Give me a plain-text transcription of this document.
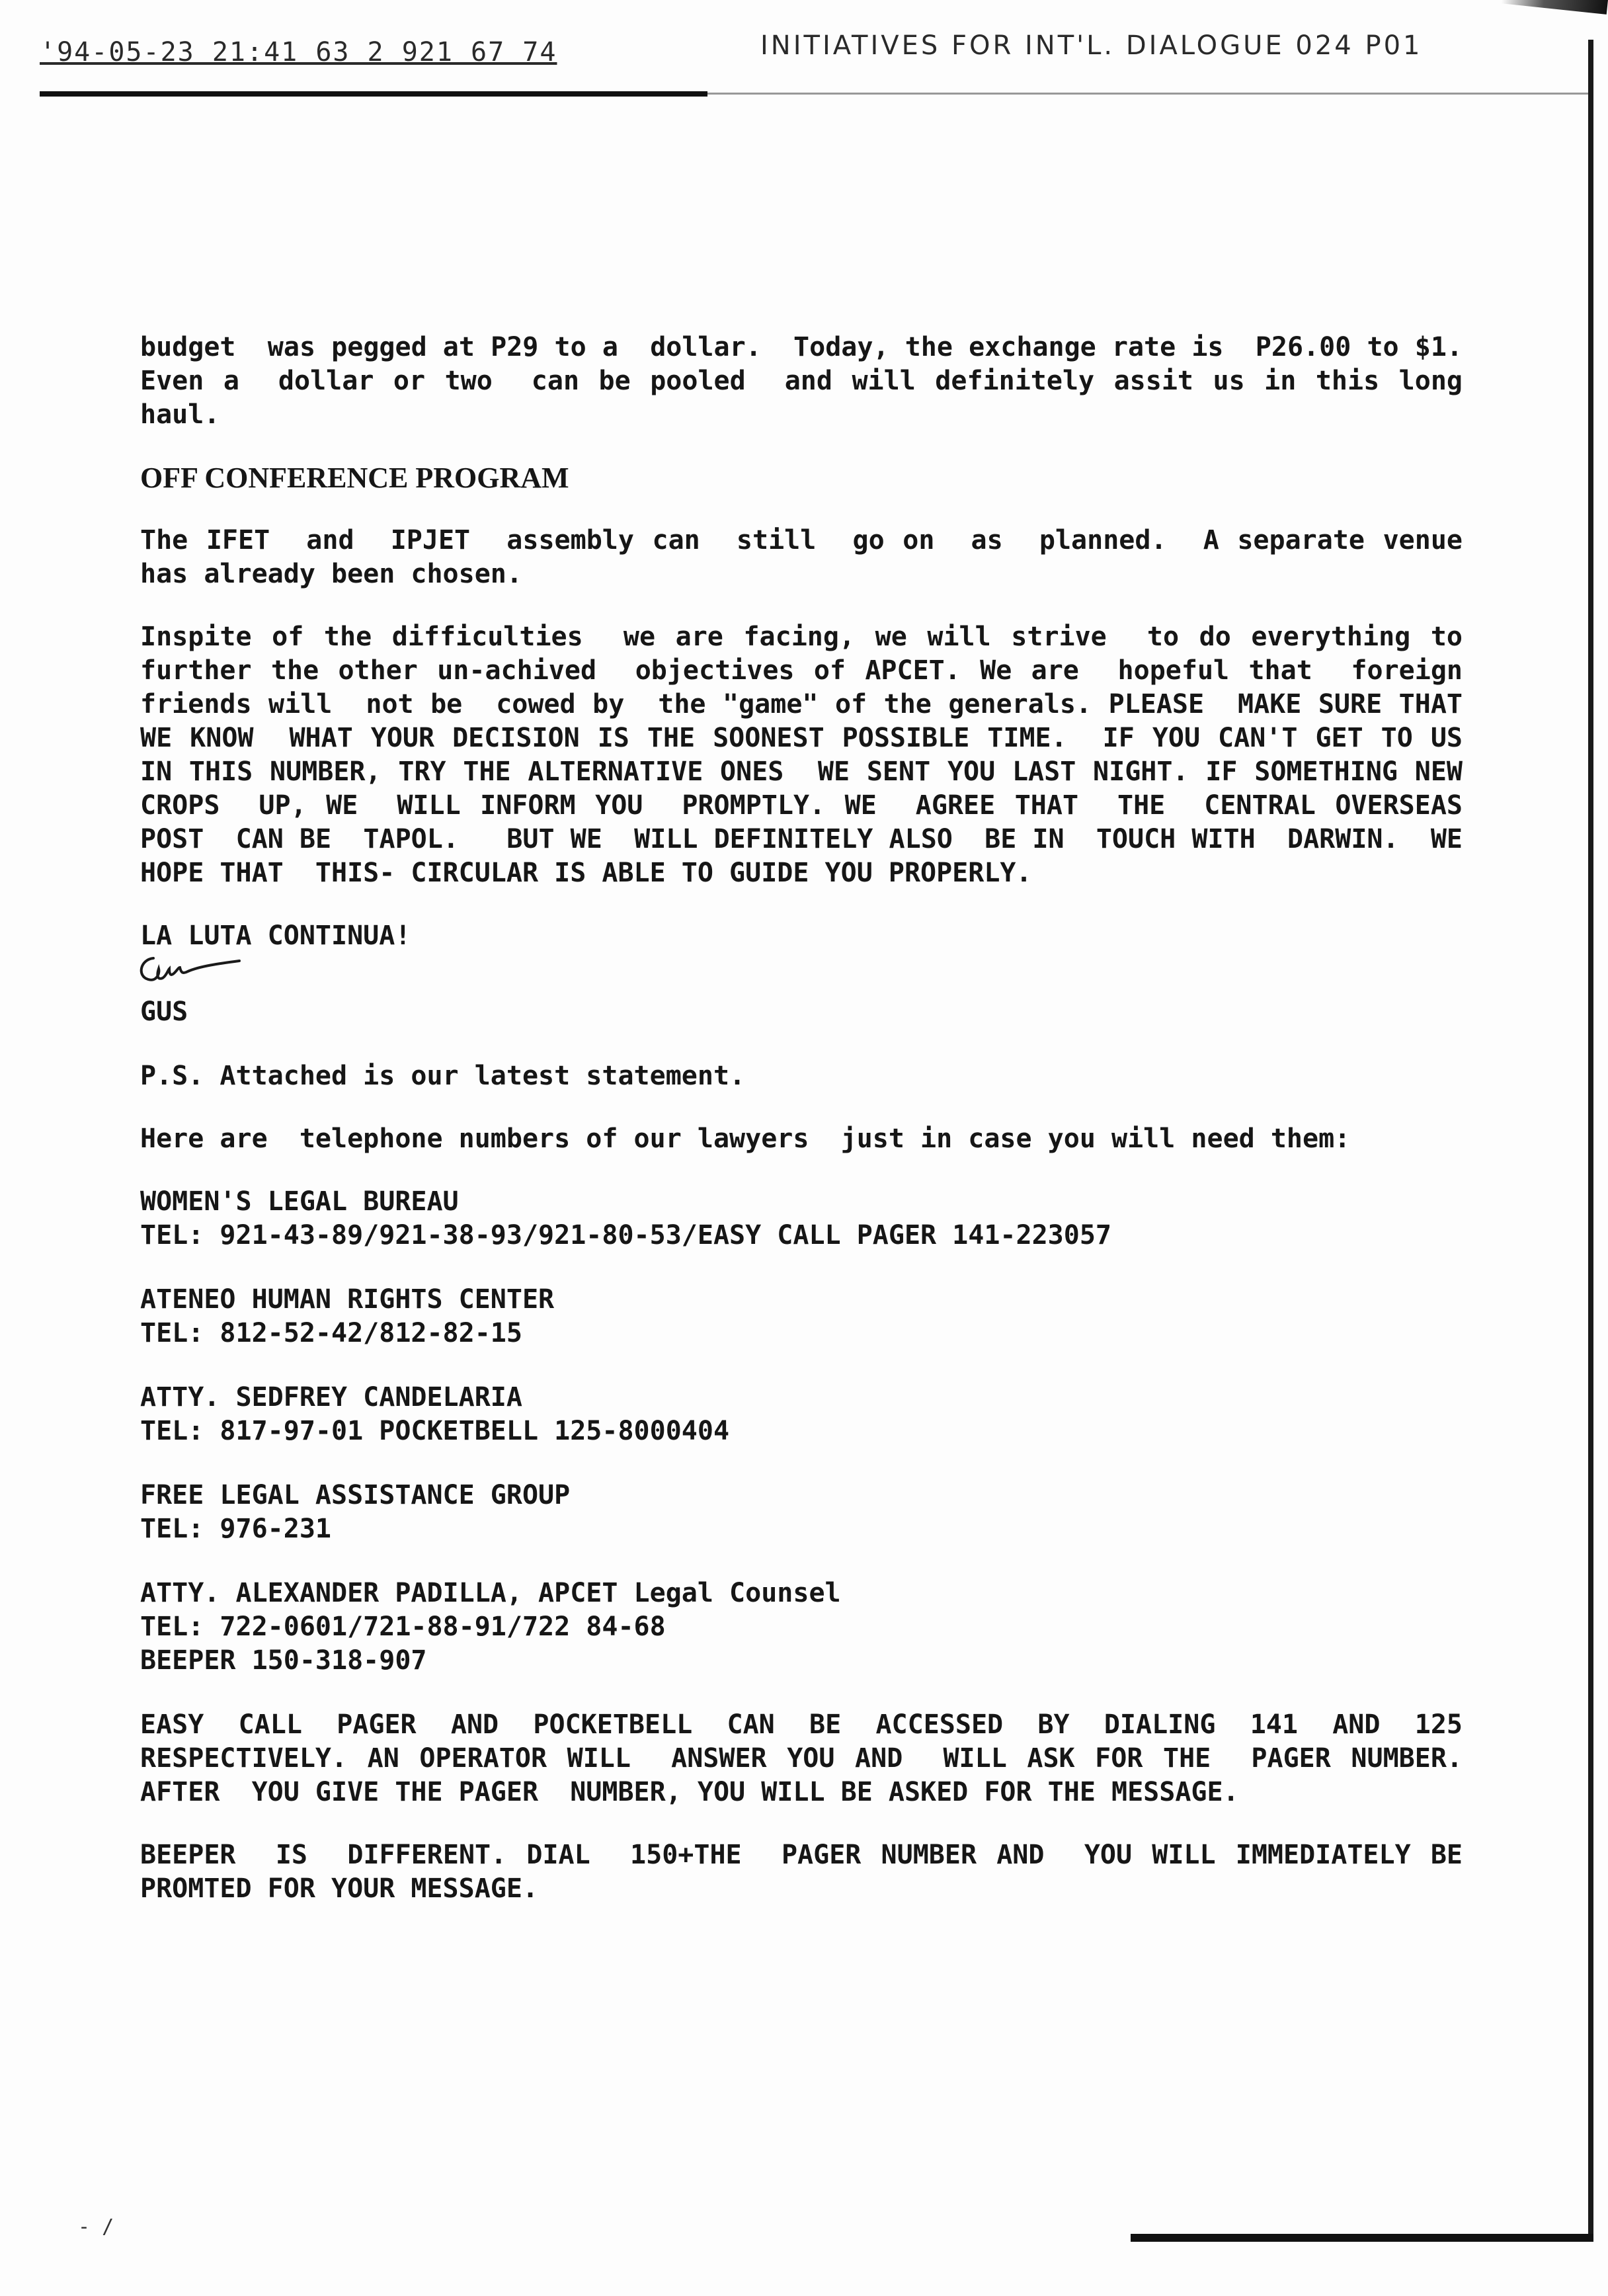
'94-05-23 21:41 63 2 921 67 74	INITIATIVES FOR INT'L. DIALOGUE 024 P01

budget  was pegged at P29 to a  dollar.  Today, the exchange rate is  P26.00 to $1.  Even a  dollar or two  can be pooled  and will definitely assit us in this long haul.

OFF CONFERENCE PROGRAM

The IFET  and  IPJET  assembly can  still  go on  as  planned.  A separate venue has already been chosen.

Inspite of the difficulties  we are facing, we will strive  to do everything to  further the other un-achived  objectives of APCET. We are  hopeful that  foreign friends will  not be  cowed by  the "game" of the generals. PLEASE  MAKE SURE THAT WE KNOW  WHAT YOUR DECISION IS THE SOONEST POSSIBLE TIME.  IF YOU CAN'T GET TO US IN THIS NUMBER, TRY THE ALTERNATIVE ONES  WE SENT YOU LAST NIGHT. IF SOMETHING NEW CROPS  UP, WE  WILL INFORM YOU  PROMPTLY. WE  AGREE THAT  THE  CENTRAL OVERSEAS  POST  CAN BE  TAPOL.   BUT WE  WILL DEFINITELY ALSO  BE IN  TOUCH WITH  DARWIN.  WE  HOPE THAT  THIS- CIRCULAR IS ABLE TO GUIDE YOU PROPERLY.

LA LUTA CONTINUA!

GUS

P.S. Attached is our latest statement.

Here are  telephone numbers of our lawyers  just in case you will need them:

WOMEN'S LEGAL BUREAU
TEL: 921-43-89/921-38-93/921-80-53/EASY CALL PAGER 141-223057
ATENEO HUMAN RIGHTS CENTER
TEL: 812-52-42/812-82-15
ATTY. SEDFREY CANDELARIA
TEL: 817-97-01 POCKETBELL 125-8000404
FREE LEGAL ASSISTANCE GROUP
TEL: 976-231
ATTY. ALEXANDER PADILLA, APCET Legal Counsel
TEL: 722-0601/721-88-91/722 84-68
BEEPER 150-318-907

EASY CALL PAGER AND POCKETBELL CAN BE ACCESSED BY DIALING 141 AND 125  RESPECTIVELY. AN OPERATOR WILL  ANSWER YOU AND  WILL ASK FOR THE  PAGER NUMBER. AFTER  YOU GIVE THE PAGER  NUMBER, YOU WILL BE ASKED FOR THE MESSAGE.

BEEPER  IS  DIFFERENT. DIAL  150+THE  PAGER NUMBER AND  YOU WILL IMMEDIATELY BE PROMTED FOR YOUR MESSAGE.

- /
